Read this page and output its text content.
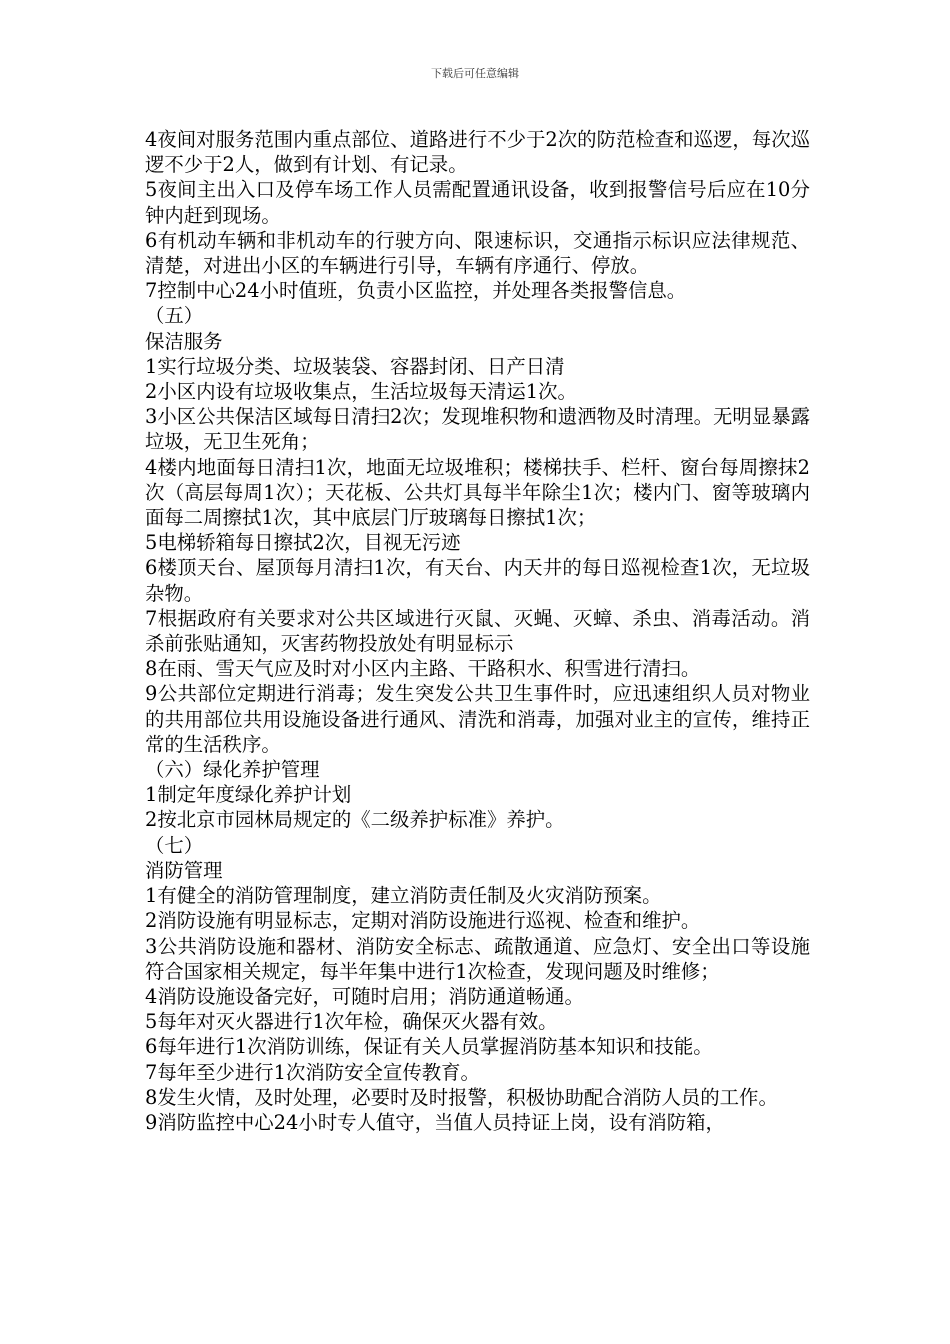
下载后可任意编辑

4夜间对服务范围内重点部位、道路进行不少于2次的防范检查和巡逻，每次巡逻不少于2人，做到有计划、有记录。

5夜间主出入口及停车场工作人员需配置通讯设备，收到报警信号后应在10分钟内赶到现场。

6有机动车辆和非机动车的行驶方向、限速标识，交通指示标识应法律规范、清楚，对进出小区的车辆进行引导，车辆有序通行、停放。

7控制中心24小时值班，负责小区监控，并处理各类报警信息。

（五）

保洁服务

1实行垃圾分类、垃圾装袋、容器封闭、日产日清

2小区内设有垃圾收集点，生活垃圾每天清运1次。

3小区公共保洁区域每日清扫2次；发现堆积物和遗洒物及时清理。无明显暴露垃圾，无卫生死角；

4楼内地面每日清扫1次，地面无垃圾堆积；楼梯扶手、栏杆、窗台每周擦抹2次（高层每周1次）；天花板、公共灯具每半年除尘1次；楼内门、窗等玻璃内面每二周擦拭1次，其中底层门厅玻璃每日擦拭1次；

5电梯轿箱每日擦拭2次，目视无污迹

6楼顶天台、屋顶每月清扫1次，有天台、内天井的每日巡视检查1次，无垃圾杂物。

7根据政府有关要求对公共区域进行灭鼠、灭蝇、灭蟑、杀虫、消毒活动。消杀前张贴通知，灭害药物投放处有明显标示

8在雨、雪天气应及时对小区内主路、干路积水、积雪进行清扫。

9公共部位定期进行消毒；发生突发公共卫生事件时，应迅速组织人员对物业的共用部位共用设施设备进行通风、清洗和消毒，加强对业主的宣传，维持正常的生活秩序。

（六）绿化养护管理

1制定年度绿化养护计划

2按北京市园林局规定的《二级养护标准》养护。

（七）

消防管理

1有健全的消防管理制度，建立消防责任制及火灾消防预案。

2消防设施有明显标志，定期对消防设施进行巡视、检查和维护。

3公共消防设施和器材、消防安全标志、疏散通道、应急灯、安全出口等设施符合国家相关规定，每半年集中进行1次检查，发现问题及时维修；

4消防设施设备完好，可随时启用；消防通道畅通。

5每年对灭火器进行1次年检，确保灭火器有效。

6每年进行1次消防训练，保证有关人员掌握消防基本知识和技能。

7每年至少进行1次消防安全宣传教育。

8发生火情，及时处理，必要时及时报警，积极协助配合消防人员的工作。

9消防监控中心24小时专人值守，当值人员持证上岗，设有消防箱，
